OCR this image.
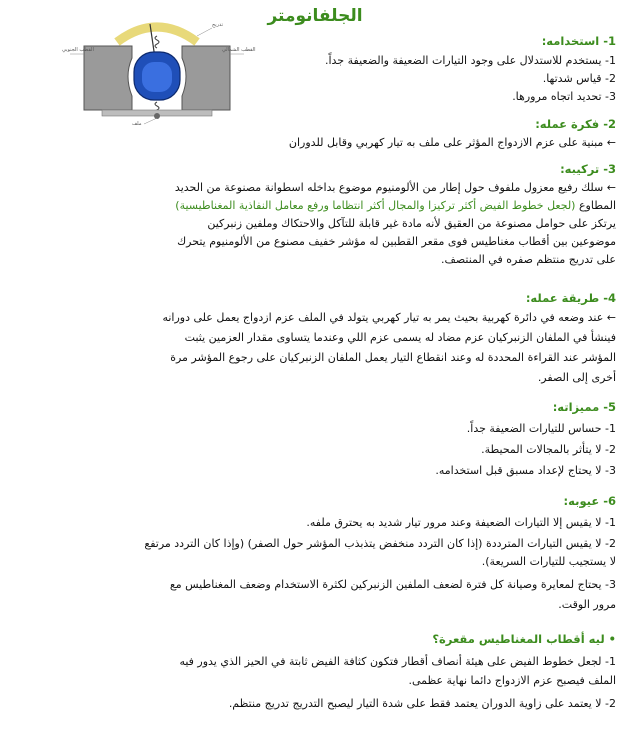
الجلفانومتر
القطب الجنوبي	القطب الشمالي
ملف
تدريج
1- استخدامه:
1- يستخدم للاستدلال على وجود التيارات الضعيفة والضعيفة جداً.
2- قياس شدتها.
3- تحديد اتجاه مرورها.
2- فكرة عمله:
← مبنية على عزم الازدواج المؤثر على ملف به تيار كهربي وقابل للدوران
3- تركيبه:
← سلك رفيع معزول ملفوف حول إطار من الألومنيوم موضوع بداخله اسطوانة مصنوعة من الحديد
المطاوع (لجعل خطوط الفيض أكثر تركيزا والمجال أكثر انتظاما ورفع معامل النفاذية المغناطيسية)
يرتكز على حوامل مصنوعة من العقيق لأنه مادة غير قابلة للتآكل والاحتكاك وملفين زنبركين
موضوعين بين أقطاب مغناطيس فوى مقعر القطبين له مؤشر خفيف مصنوع من الألومنيوم يتحرك
على تدريج منتظم صفره في المنتصف.
4- طريقة عمله:
← عند وضعه في دائرة كهربية بحيث يمر به تيار كهربي يتولد في الملف عزم ازدواج يعمل على دورانه
فينشأ في الملفان الزنبركيان عزم مضاد له يسمى عزم اللي وعندما يتساوى مقدار العزمين يثبت
المؤشر عند القراءة المحددة له وعند انقطاع التيار يعمل الملفان الزنبركيان على رجوع المؤشر مرة
أخرى إلى الصفر.
5- مميزاته:
1- حساس للتيارات الضعيفة جداً.
2- لا يتأثر بالمجالات المحيطة.
3- لا يحتاج لإعداد مسبق قبل استخدامه.
6- عيوبه:
1- لا يقيس إلا التيارات الضعيفة وعند مرور تيار شديد به يحترق ملفه.
2- لا يقيس التيارات المترددة (إذا كان التردد منخفض يتذبذب المؤشر حول الصفر) (وإذا كان التردد مرتفع
لا يستجيب للتيارات السريعة).
3- يحتاج لمعايرة وصيانة كل فترة لضعف الملفين الزنبركين لكثرة الاستخدام وضعف المغناطيس مع
مرور الوقت.
• ليه أقطاب المغناطيس مقعرة؟
1- لجعل خطوط الفيض على هيئة أنصاف أقطار فتكون كثافة الفيض ثابتة في الحيز الذي يدور فيه
الملف فيصبح عزم الازدواج دائما نهاية عظمى.
2- لا يعتمد على زاوية الدوران يعتمد فقط على شدة التيار ليصبح التدريج تدريج منتظم.
